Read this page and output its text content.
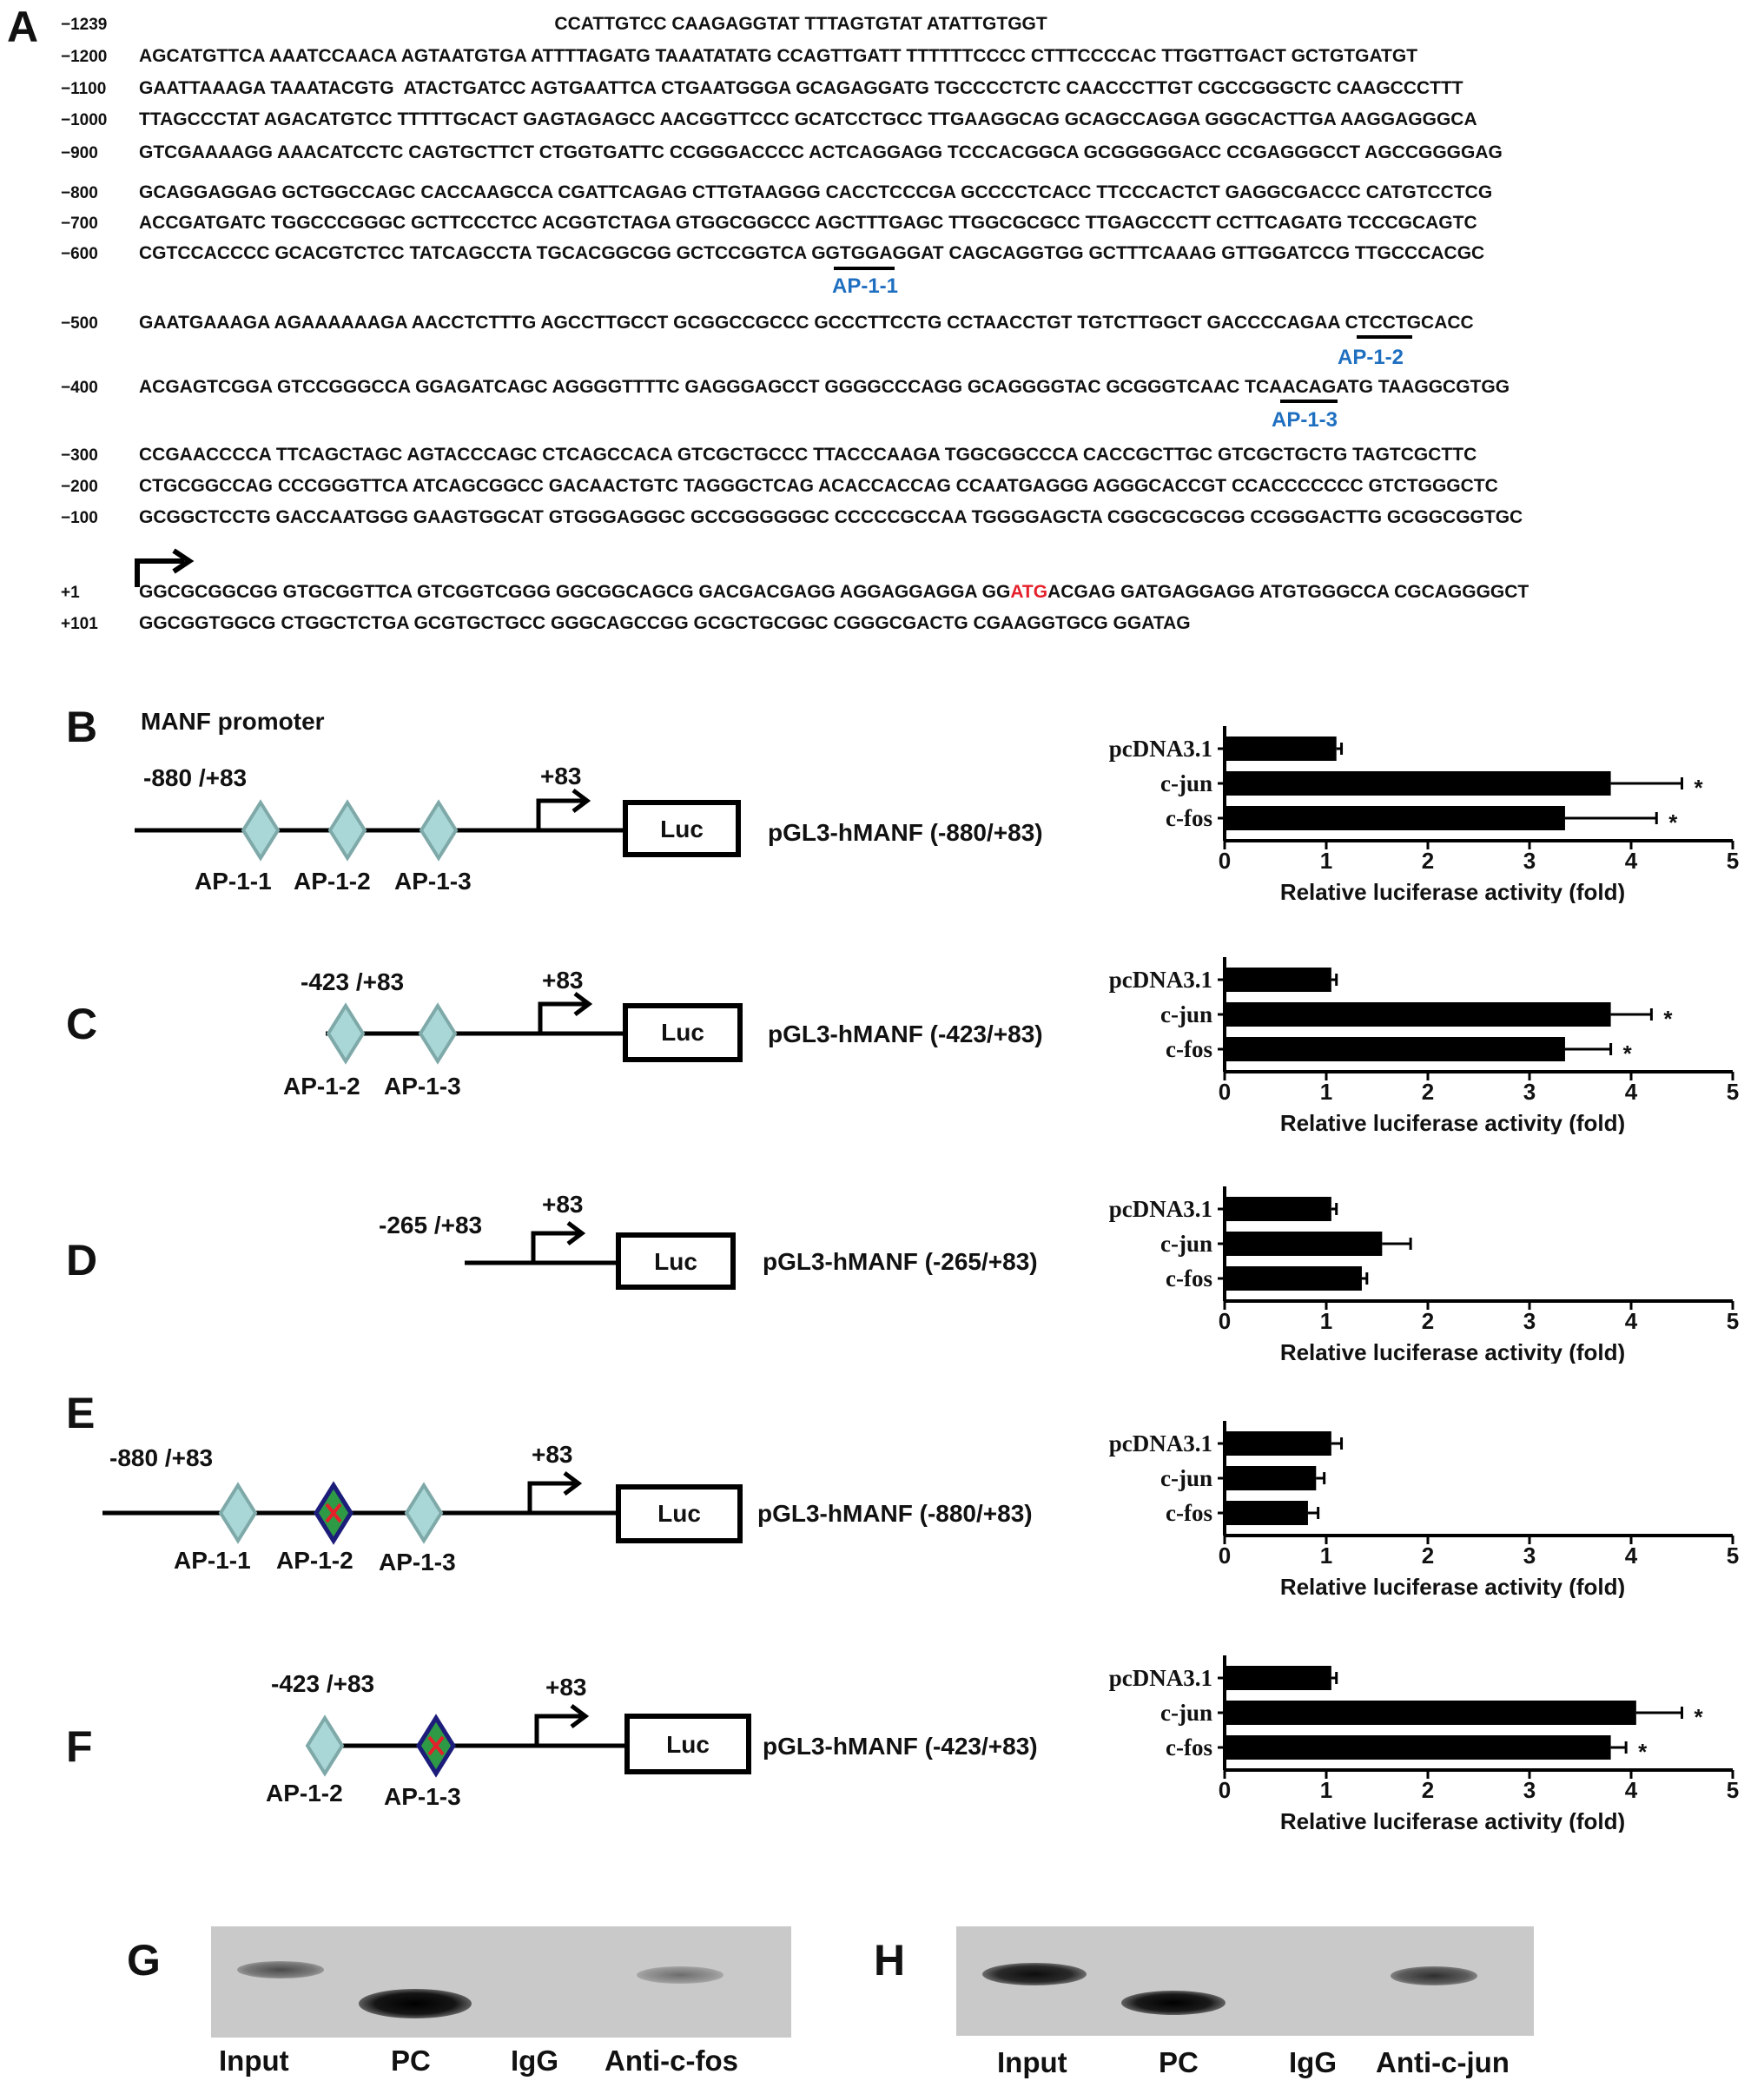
A −1239	CCATTGTCC CAAGAGGTAT TTTAGTGTAT ATATTGTGGT
−1200	AGCATGTTCA AAATCCAACA AGTAATGTGA ATTTTAGATG TAAATATATG CCAGTTGATT TTTTTTCCCC CTTTCCCCAC TTGGTTGACT GCTGTGATGT
−1100	GAATTAAAGA TAAATACGTG  ATACTGATCC AGTGAATTCA CTGAATGGGA GCAGAGGATG TGCCCCTCTC CAACCCTTGT CGCCGGGCTC CAAGCCCTTT
−1000	TTAGCCCTAT AGACATGTCC TTTTTGCACT GAGTAGAGCC AACGGTTCCC GCATCCTGCC TTGAAGGCAG GCAGCCAGGA GGGCACTTGA AAGGAGGGCA
−900	GTCGAAAAGG AAACATCCTC CAGTGCTTCT CTGGTGATTC CCGGGACCCC ACTCAGGAGG TCCCACGGCA GCGGGGGACC CCGAGGGCCT AGCCGGGGAG
−800	GCAGGAGGAG GCTGGCCAGC CACCAAGCCA CGATTCAGAG CTTGTAAGGG CACCTCCCGA GCCCCTCACC TTCCCACTCT GAGGCGACCC CATGTCCTCG
−700	ACCGATGATC TGGCCCGGGC GCTTCCCTCC ACGGTCTAGA GTGGCGGCCC AGCTTTGAGC TTGGCGCGCC TTGAGCCCTT CCTTCAGATG TCCCGCAGTC
−600	CGTCCACCCC GCACGTCTCC TATCAGCCTA TGCACGGCGG GCTCCGGTCA GGTGGAGGAT CAGCAGGTGG GCTTTCAAAG GTTGGATCCG TTGCCCACGC
AP-1-1
−500	GAATGAAAGA AGAAAAAAGA AACCTCTTTG AGCCTTGCCT GCGGCCGCCC GCCCTTCCTG CCTAACCTGT TGTCTTGGCT GACCCCAGAA CTCCTGCACC
AP-1-2
−400	ACGAGTCGGA GTCCGGGCCA GGAGATCAGC AGGGGTTTTC GAGGGAGCCT GGGGCCCAGG GCAGGGGTAC GCGGGTCAAC TCAACAGATG TAAGGCGTGG
AP-1-3
−300	CCGAACCCCA TTCAGCTAGC AGTACCCAGC CTCAGCCACA GTCGCTGCCC TTACCCAAGA TGGCGGCCCA CACCGCTTGC GTCGCTGCTG TAGTCGCTTC
−200	CTGCGGCCAG CCCGGGTTCA ATCAGCGGCC GACAACTGTC TAGGGCTCAG ACACCACCAG CCAATGAGGG AGGGCACCGT CCACCCCCCC GTCTGGGCTC
−100	GCGGCTCCTG GACCAATGGG GAAGTGGCAT GTGGGAGGGC GCCGGGGGGC CCCCCGCCAA TGGGGAGCTA CGGCGCGCGG CCGGGACTTG GCGGCGGTGC
+1	GGCGCGGCGG GTGCGGTTCA GTCGGTCGGG GGCGGCAGCG GACGACGAGG AGGAGGAGGA GGATGACGAG GATGAGGAGG ATGTGGGCCA CGCAGGGGCT
+101	GGCGGTGGCG CTGGCTCTGA GCGTGCTGCC GGGCAGCCGG GCGCTGCGGC CGGGCGACTG CGAAGGTGCG GGATAG
B
C
D
E
F
MANF promoter
-880 /+83	+83
AP-1-1 AP-1-2 AP-1-3
Luc	pGL3-hMANF (-880/+83)
-423 /+83	+83
AP-1-2 AP-1-3
Luc	pGL3-hMANF (-423/+83)
-265 /+83
+83
Luc	pGL3-hMANF (-265/+83)
-880 /+83	+83
AP-1-1 AP-1-2 AP-1-3
Luc pGL3-hMANF (-880/+83)
-423 /+83	+83
AP-1-2 AP-1-3
Luc pGL3-hMANF (-423/+83)
pcDNA3.1
c-jun	*
c-fos	*
0	1	2	3	4	5
Relative luciferase activity (fold)
pcDNA3.1
c-jun	*
c-fos	*
0	1	2	3	4	5
Relative luciferase activity (fold)
pcDNA3.1
c-jun
c-fos
0	1	2	3	4	5
Relative luciferase activity (fold)
pcDNA3.1
c-jun
c-fos
0	1	2	3	4	5
Relative luciferase activity (fold)
pcDNA3.1
c-jun	*
c-fos	*
0	1	2	3	4	5
Relative luciferase activity (fold)
G
Input	PC	IgG Anti-c-fos
H
Input	PC	IgG Anti-c-jun
